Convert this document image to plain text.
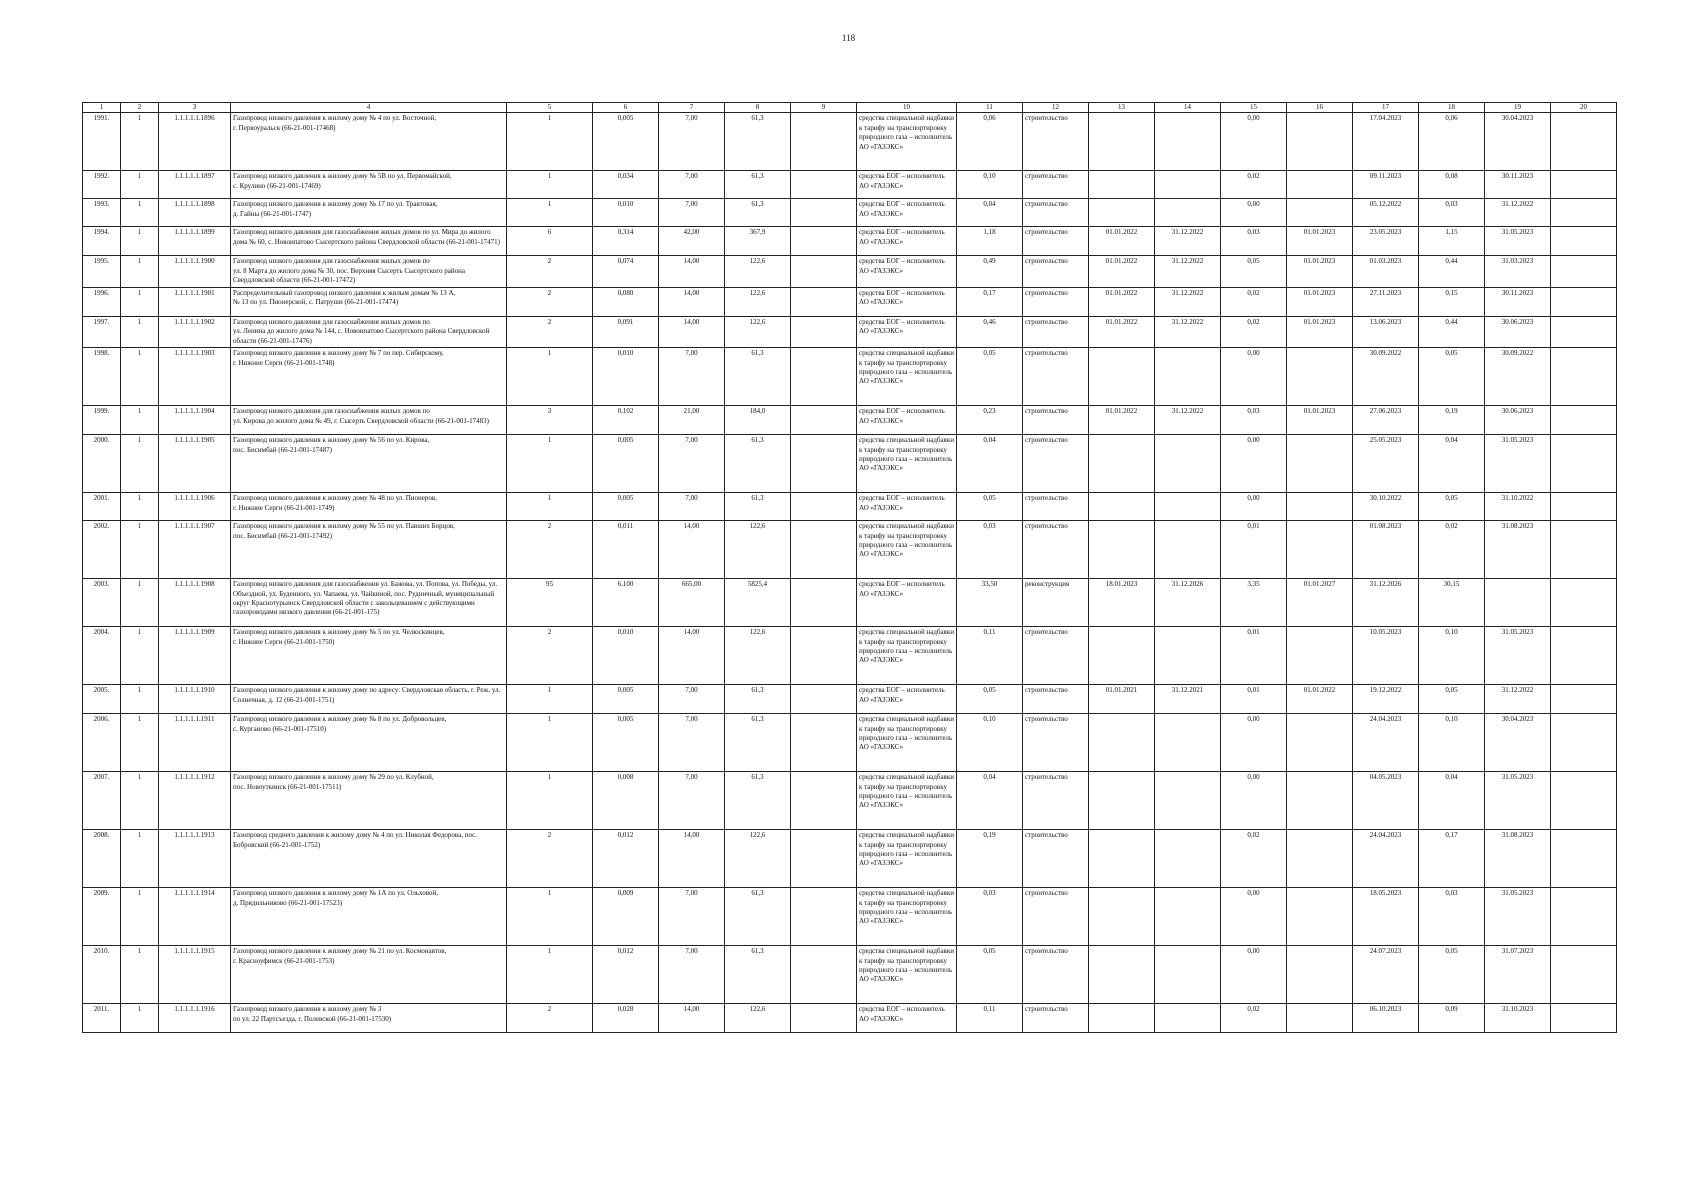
118
1	2	3	4	5	6	7	8	9	10	11	12	13	14	15	16	17	18	19	20
1991.	1	1.1.1.1.1.1896	Газопровод низкого давления к жилому дому № 4 по ул. Восточной,
г. Первоуральск (66-21-001-17468)	1	0,005	7,00	61,3		средства специальной надбавки к тарифу на транспортировку природного газа – исполнитель АО «ГАЗЭКС»	0,06	строительство			0,00		17.04.2023	0,06	30.04.2023	
1992.	1	1.1.1.1.1.1897	Газопровод низкого давления к жилому дому № 5В по ул. Первомайской,
с. Крулино (66-21-001-17469)	1	0,034	7,00	61,3		средства ЕОГ – исполнитель АО «ГАЗЭКС»	0,10	строительство			0,02		09.11.2023	0,08	30.11.2023	
1993.	1	1.1.1.1.1.1898	Газопровод низкого давления к жилому дому № 17 по ул. Трактовая,
д. Гайны (66-21-001-1747)	1	0,010	7,00	61,3		средства ЕОГ – исполнитель АО «ГАЗЭКС»	0,04	строительство			0,00		05.12.2022	0,03	31.12.2022	
1994.	1	1.1.1.1.1.1899	Газопровод низкого давления для газоснабжения жилых домов по ул. Мира до жилого дома № 60, с. Новоипатово Сысертского района Свердловской области (66-21-001-17471)	6	0,314	42,00	367,9		средства ЕОГ – исполнитель АО «ГАЗЭКС»	1,18	строительство	01.01.2022	31.12.2022	0,03	01.01.2023	23.05.2023	1,15	31.05.2023	
1995.	1	1.1.1.1.1.1900	Газопровод низкого давления для газоснабжения жилых домов по
ул. 8 Марта до жилого дома № 30, пос. Верхняя Сысерть Сысертского района Свердловской области (66-21-001-17472)	2	0,074	14,00	122,6		средства ЕОГ – исполнитель АО «ГАЗЭКС»	0,49	строительство	01.01.2022	31.12.2022	0,05	01.01.2023	01.03.2023	0,44	31.03.2023	
1996.	1	1.1.1.1.1.1901	Распределительный газопровод низкого давления к жилым домам № 13 А,
№ 13 по ул. Пионерской, с. Патруши (66-21-001-17474)	2	0,080	14,00	122,6		средства ЕОГ – исполнитель АО «ГАЗЭКС»	0,17	строительство	01.01.2022	31.12.2022	0,02	01.01.2023	27.11.2023	0,15	30.11.2023	
1997.	1	1.1.1.1.1.1902	Газопровод низкого давления для газоснабжения жилых домов по
ул. Ленина до жилого дома № 144, с. Новоипатово Сысертского района Свердловской области (66-21-001-17476)	2	0,091	14,00	122,6		средства ЕОГ – исполнитель АО «ГАЗЭКС»	0,46	строительство	01.01.2022	31.12.2022	0,02	01.01.2023	13.06.2023	0,44	30.06.2023	
1998.	1	1.1.1.1.1.1903	Газопровод низкого давления к жилому дому № 7 по пер. Сибирскому,
г. Нижние Серги (66-21-001-1748)	1	0,010	7,00	61,3		средства специальной надбавки к тарифу на транспортировку природного газа – исполнитель АО «ГАЗЭКС»	0,05	строительство			0,00		30.09.2022	0,05	30.09.2022	
1999.	1	1.1.1.1.1.1904	Газопровод низкого давления для газоснабжения жилых домов по
ул. Кирова до жилого дома № 49, г. Сысерть Свердловской области (66-21-001-17483)	3	0,102	21,00	184,0		средства ЕОГ – исполнитель АО «ГАЗЭКС»	0,23	строительство	01.01.2022	31.12.2022	0,03	01.01.2023	27.06.2023	0,19	30.06.2023	
2000.	1	1.1.1.1.1.1905	Газопровод низкого давления к жилому дому № 56 по ул. Кирова,
пос. Бисимбай (66-21-001-17487)	1	0,005	7,00	61,3		средства специальной надбавки к тарифу на транспортировку природного газа – исполнитель АО «ГАЗЭКС»	0,04	строительство			0,00		25.05.2023	0,04	31.05.2023	
2001.	1	1.1.1.1.1.1906	Газопровод низкого давления к жилому дому № 48 по ул. Пионеров,
г. Нижние Серги (66-21-001-1749)	1	0,005	7,00	61,3		средства ЕОГ – исполнитель АО «ГАЗЭКС»	0,05	строительство			0,00		30.10.2022	0,05	31.10.2022	
2002.	1	1.1.1.1.1.1907	Газопровод низкого давления к жилому дому № 55 по ул. Павших Борцов,
пос. Бисимбай (66-21-001-17492)	2	0,011	14,00	122,6		средства специальной надбавки к тарифу на транспортировку природного газа – исполнитель АО «ГАЗЭКС»	0,03	строительство			0,01		01.08.2023	0,02	31.08.2023	
2003.	1	1.1.1.1.1.1908	Газопровод низкого давления для газоснабжения ул. Бажова, ул. Попова, ул. Победы, ул. Объездной, ул. Буденного, ул. Чапаева, ул. Чайкиной, пос. Рудничный, муниципальный округ Краснотурьинск Свердловской области с закольцеванием с действующими газопроводами низкого давления (66-21-001-175)	95	6,100	665,00	5825,4		средства ЕОГ – исполнитель АО «ГАЗЭКС»	33,50	реконструкция	18.01.2023	31.12.2026	3,35	01.01.2027	31.12.2026	30,15		
2004.	1	1.1.1.1.1.1909	Газопровод низкого давления к жилому дому № 5 по ул. Челюскинцев,
г. Нижние Серги (66-21-001-1750)	2	0,010	14,00	122,6		средства специальной надбавки к тарифу на транспортировку природного газа – исполнитель АО «ГАЗЭКС»	0,11	строительство			0,01		10.05.2023	0,10	31.05.2023	
2005.	1	1.1.1.1.1.1910	Газопровод низкого давления к жилому дому по адресу: Свердловская область, г. Реж, ул. Солнечная, д. 12 (66-21-001-1751)	1	0,005	7,00	61,3		средства ЕОГ – исполнитель АО «ГАЗЭКС»	0,05	строительство	01.01.2021	31.12.2021	0,01	01.01.2022	19.12.2022	0,05	31.12.2022	
2006.	1	1.1.1.1.1.1911	Газопровод низкого давления к жилому дому № 8 по ул. Добровольцев,
с. Курганово (66-21-001-17510)	1	0,005	7,00	61,3		средства специальной надбавки к тарифу на транспортировку природного газа – исполнитель АО «ГАЗЭКС»	0,10	строительство			0,00		24.04.2023	0,10	30.04.2023	
2007.	1	1.1.1.1.1.1912	Газопровод низкого давления к жилому дому № 29 по ул. Клубной,
пос. Новоуткинск (66-21-001-17511)	1	0,008	7,00	61,3		средства специальной надбавки к тарифу на транспортировку природного газа – исполнитель АО «ГАЗЭКС»	0,04	строительство			0,00		04.05.2023	0,04	31.05.2023	
2008.	1	1.1.1.1.1.1913	Газопровод среднего давления к жилому дому № 4 по ул. Николая Федорова, пос. Бобровский (66-21-001-1752)	2	0,012	14,00	122,6		средства специальной надбавки к тарифу на транспортировку природного газа – исполнитель АО «ГАЗЭКС»	0,19	строительство			0,02		24.04.2023	0,17	31.08.2023	
2009.	1	1.1.1.1.1.1914	Газопровод низкого давления к жилому дому № 1А по ул. Ольховой,
д. Прядильниково (66-21-001-17523)	1	0,009	7,00	61,3		средства специальной надбавки к тарифу на транспортировку природного газа – исполнитель АО «ГАЗЭКС»	0,03	строительство			0,00		18.05.2023	0,03	31.05.2023	
2010.	1	1.1.1.1.1.1915	Газопровод низкого давления к жилому дому № 21 по ул. Космонавтов,
г. Красноуфимск (66-21-001-1753)	1	0,012	7,00	61,3		средства специальной надбавки к тарифу на транспортировку природного газа – исполнитель АО «ГАЗЭКС»	0,05	строительство			0,00		24.07.2023	0,05	31.07.2023	
2011.	1	1.1.1.1.1.1916	Газопровод низкого давления к жилому дому № 3
по ул. 22 Партсъезда, г. Полевской (66-21-001-17530)	2	0,028	14,00	122,6		средства ЕОГ – исполнитель АО «ГАЗЭКС»	0,11	строительство			0,02		06.10.2023	0,09	31.10.2023	
